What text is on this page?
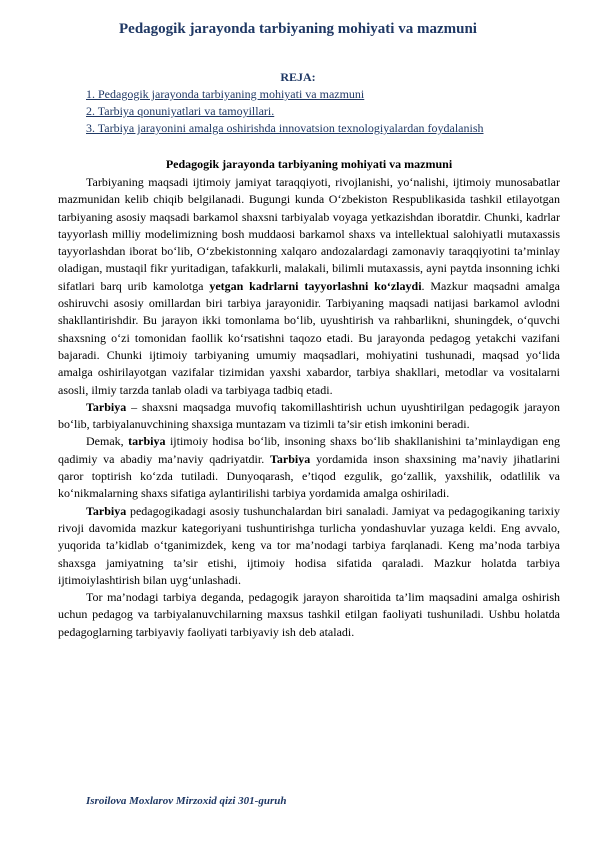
Pedagogik jarayonda tarbiyaning mohiyati va mazmuni
REJA:
1. Pedagogik jarayonda tarbiyaning mohiyati va mazmuni
2. Tarbiya qonuniyatlari va tamoyillari.
3. Tarbiya jarayonini amalga oshirishda innovatsion texnologiyalardan foydalanish
Pedagogik jarayonda tarbiyaning mohiyati va mazmuni

Tarbiyaning maqsadi ijtimoiy jamiyat taraqqiyoti, rivojlanishi, yo‘nalishi, ijtimoiy munosabatlar mazmunidan kelib chiqib belgilanadi. Bugungi kunda O‘zbekiston Respublikasida tashkil etilayotgan tarbiyaning asosiy maqsadi barkamol shaxsni tarbiyalab voyaga yetkazishdan iboratdir. Chunki, kadrlar tayyorlash milliy modelimizning bosh muddaosi barkamol shaxs va intellektual salohiyatli mutaxassis tayyorlashdan iborat bo‘lib, O‘zbekistonning xalqaro andozalardagi zamonaviy taraqqiyotini ta’minlay oladigan, mustaqil fikr yuritadigan, tafakkurli, malakali, bilimli mutaxassis, ayni paytda insonning ichki sifatlari barq urib kamolotga yetgan kadrlarni tayyorlashni ko‘zlaydi. Mazkur maqsadni amalga oshiruvchi asosiy omillardan biri tarbiya jarayonidir. Tarbiyaning maqsadi natijasi barkamol avlodni shakllantirishdir. Bu jarayon ikki tomonlama bo‘lib, uyushtirish va rahbarlikni, shuningdek, o‘quvchi shaxsning o‘zi tomonidan faollik ko‘rsatishni taqozo etadi. Bu jarayonda pedagog yetakchi vazifani bajaradi. Chunki ijtimoiy tarbiyaning umumiy maqsadlari, mohiyatini tushunadi, maqsad yo‘lida amalga oshirilayotgan vazifalar tizimidan yaxshi xabardor, tarbiya shakllari, metodlar va vositalarni asosli, ilmiy tarzda tanlab oladi va tarbiyaga tadbiq etadi.

Tarbiya – shaxsni maqsadga muvofiq takomillashtirish uchun uyushtirilgan pedagogik jarayon bo‘lib, tarbiyalanuvchining shaxsiga muntazam va tizimli ta’sir etish imkonini beradi.

Demak, tarbiya ijtimoiy hodisa bo‘lib, insoning shaxs bo‘lib shakllanishini ta’minlaydigan eng qadimiy va abadiy ma’naviy qadriyatdir. Tarbiya yordamida inson shaxsining ma’naviy jihatlarini qaror toptirish ko‘zda tutiladi. Dunyoqarash, e’tiqod ezgulik, go‘zallik, yaxshilik, odatlilik va ko‘nikmalarning shaxs sifatiga aylantirilishi tarbiya yordamida amalga oshiriladi.

Tarbiya pedagogikadagi asosiy tushunchalardan biri sanaladi. Jamiyat va pedagogikaning tarixiy rivoji davomida mazkur kategoriyani tushuntirishga turlicha yondashuvlar yuzaga keldi. Eng avvalo, yuqorida ta’kidlab o‘tganimizdek, keng va tor ma’nodagi tarbiya farqlanadi. Keng ma’noda tarbiya shaxsga jamiyatning ta’sir etishi, ijtimoiy hodisa sifatida qaraladi. Mazkur holatda tarbiya ijtimoiylashtirish bilan uyg‘unlashadi.

Tor ma’nodagi tarbiya deganda, pedagogik jarayon sharoitida ta’lim maqsadini amalga oshirish uchun pedagog va tarbiyalanuvchilarning maxsus tashkil etilgan faoliyati tushuniladi. Ushbu holatda pedagoglarning tarbiyaviy faoliyati tarbiyaviy ish deb ataladi.

Isroilova Moxlarov Mirzoxid qizi 301-guruh
